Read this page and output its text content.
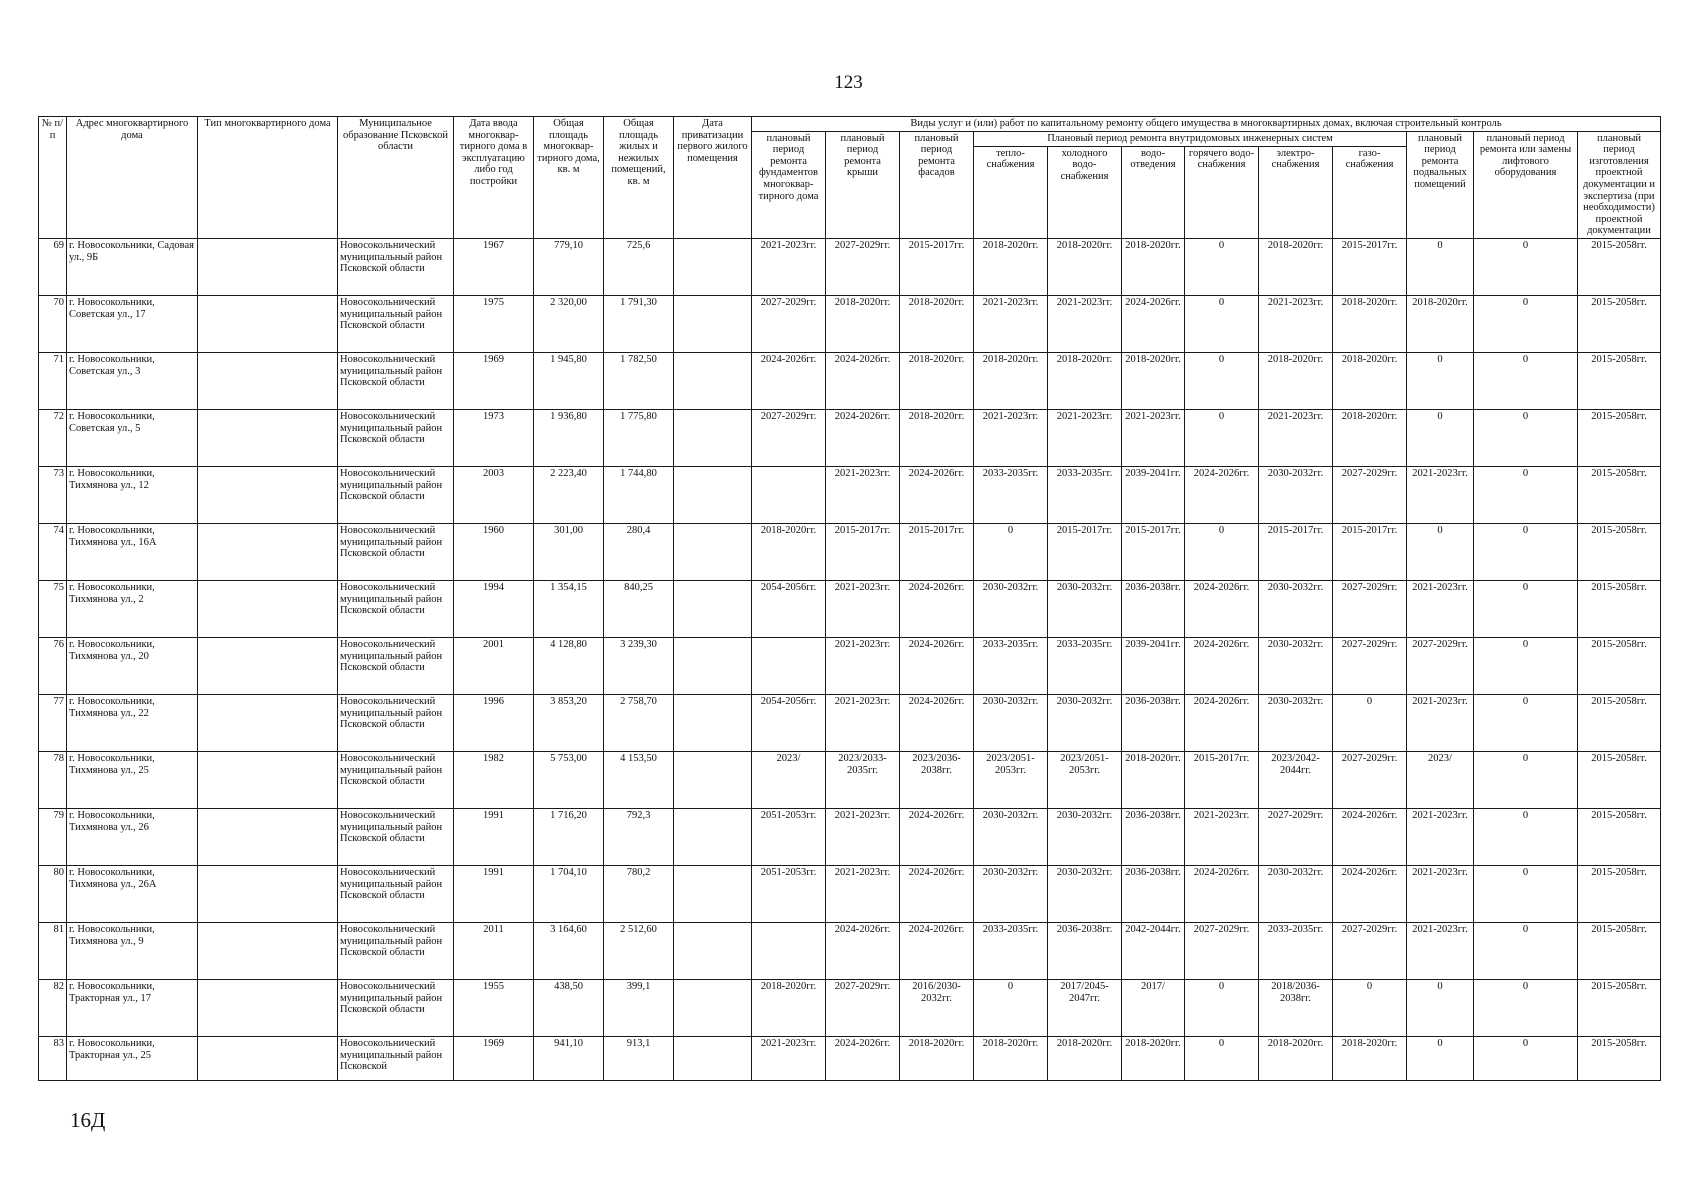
123
№ п/п	Адрес многоквартирного дома	Тип многоквартирного дома	Муниципальное образование Псковской области	Дата ввода многоквар-тирного дома в эксплуатацию либо год постройки	Общая площадь многоквар-тирного дома, кв. м	Общая площадь жилых и нежилых помещений, кв. м	Дата приватизации первого жилого помещения	Виды услуг и (или) работ по капитальному ремонту общего имущества в многоквартирных домах, включая строительный контроль											
								плановый период ремонта фундаментов многоквар-тирного дома	плановый период ремонта крыши	плановый период ремонта фасадов	Плановый период ремонта внутридомовых инженерных систем						плановый период ремонта подвальных помещений	плановый период ремонта или замены лифтового оборудования	плановый период изготовления проектной документации и экспертиза (при необходимости) проектной документации
											тепло-снабжения	холодного водо-снабжения	водо-отведения	горячего водо-снабжения	электро-снабжения	газо-снабжения			
69	г. Новосокольники, Садовая ул., 9Б		Новосокольнический муниципальный район Псковской области	1967	779,10	725,6		2021-2023гг.	2027-2029гг.	2015-2017гг.	2018-2020гг.	2018-2020гг.	2018-2020гг.	0	2018-2020гг.	2015-2017гг.	0	0	2015-2058гг.
70	г. Новосокольники, Советская ул., 17		Новосокольнический муниципальный район Псковской области	1975	2 320,00	1 791,30		2027-2029гг.	2018-2020гг.	2018-2020гг.	2021-2023гг.	2021-2023гг.	2024-2026гг.	0	2021-2023гг.	2018-2020гг.	2018-2020гг.	0	2015-2058гг.
71	г. Новосокольники, Советская ул., 3		Новосокольнический муниципальный район Псковской области	1969	1 945,80	1 782,50		2024-2026гг.	2024-2026гг.	2018-2020гг.	2018-2020гг.	2018-2020гг.	2018-2020гг.	0	2018-2020гг.	2018-2020гг.	0	0	2015-2058гг.
72	г. Новосокольники, Советская ул., 5		Новосокольнический муниципальный район Псковской области	1973	1 936,80	1 775,80		2027-2029гг.	2024-2026гг.	2018-2020гг.	2021-2023гг.	2021-2023гг.	2021-2023гг.	0	2021-2023гг.	2018-2020гг.	0	0	2015-2058гг.
73	г. Новосокольники, Тихмянова ул., 12		Новосокольнический муниципальный район Псковской области	2003	2 223,40	1 744,80			2021-2023гг.	2024-2026гг.	2033-2035гг.	2033-2035гг.	2039-2041гг.	2024-2026гг.	2030-2032гг.	2027-2029гг.	2021-2023гг.	0	2015-2058гг.
74	г. Новосокольники, Тихмянова ул., 16А		Новосокольнический муниципальный район Псковской области	1960	301,00	280,4		2018-2020гг.	2015-2017гг.	2015-2017гг.	0	2015-2017гг.	2015-2017гг.	0	2015-2017гг.	2015-2017гг.	0	0	2015-2058гг.
75	г. Новосокольники, Тихмянова ул., 2		Новосокольнический муниципальный район Псковской области	1994	1 354,15	840,25		2054-2056гг.	2021-2023гг.	2024-2026гг.	2030-2032гг.	2030-2032гг.	2036-2038гг.	2024-2026гг.	2030-2032гг.	2027-2029гг.	2021-2023гг.	0	2015-2058гг.
76	г. Новосокольники, Тихмянова ул., 20		Новосокольнический муниципальный район Псковской области	2001	4 128,80	3 239,30			2021-2023гг.	2024-2026гг.	2033-2035гг.	2033-2035гг.	2039-2041гг.	2024-2026гг.	2030-2032гг.	2027-2029гг.	2027-2029гг.	0	2015-2058гг.
77	г. Новосокольники, Тихмянова ул., 22		Новосокольнический муниципальный район Псковской области	1996	3 853,20	2 758,70		2054-2056гг.	2021-2023гг.	2024-2026гг.	2030-2032гг.	2030-2032гг.	2036-2038гг.	2024-2026гг.	2030-2032гг.	0	2021-2023гг.	0	2015-2058гг.
78	г. Новосокольники, Тихмянова ул., 25		Новосокольнический муниципальный район Псковской области	1982	5 753,00	4 153,50		2023/	2023/2033-2035гг.	2023/2036-2038гг.	2023/2051-2053гг.	2023/2051-2053гг.	2018-2020гг.	2015-2017гг.	2023/2042-2044гг.	2027-2029гг.	2023/	0	2015-2058гг.
79	г. Новосокольники, Тихмянова ул., 26		Новосокольнический муниципальный район Псковской области	1991	1 716,20	792,3		2051-2053гг.	2021-2023гг.	2024-2026гг.	2030-2032гг.	2030-2032гг.	2036-2038гг.	2021-2023гг.	2027-2029гг.	2024-2026гг.	2021-2023гг.	0	2015-2058гг.
80	г. Новосокольники, Тихмянова ул., 26А		Новосокольнический муниципальный район Псковской области	1991	1 704,10	780,2		2051-2053гг.	2021-2023гг.	2024-2026гг.	2030-2032гг.	2030-2032гг.	2036-2038гг.	2024-2026гг.	2030-2032гг.	2024-2026гг.	2021-2023гг.	0	2015-2058гг.
81	г. Новосокольники, Тихмянова ул., 9		Новосокольнический муниципальный район Псковской области	2011	3 164,60	2 512,60			2024-2026гг.	2024-2026гг.	2033-2035гг.	2036-2038гг.	2042-2044гг.	2027-2029гг.	2033-2035гг.	2027-2029гг.	2021-2023гг.	0	2015-2058гг.
82	г. Новосокольники, Тракторная ул., 17		Новосокольнический муниципальный район Псковской области	1955	438,50	399,1		2018-2020гг.	2027-2029гг.	2016/2030-2032гг.	0	2017/2045-2047гг.	2017/	0	2018/2036-2038гг.	0	0	0	2015-2058гг.
83	г. Новосокольники, Тракторная ул., 25		Новосокольнический муниципальный район Псковской	1969	941,10	913,1		2021-2023гг.	2024-2026гг.	2018-2020гг.	2018-2020гг.	2018-2020гг.	2018-2020гг.	0	2018-2020гг.	2018-2020гг.	0	0	2015-2058гг.
16Д
